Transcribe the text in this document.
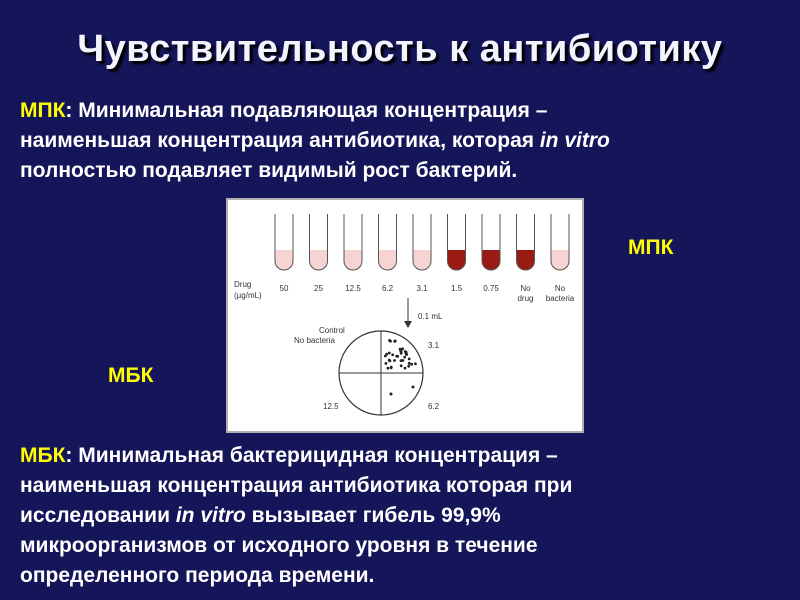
Чувствительность к антибиотику
МПК: Минимальная подавляющая концентрация –
наименьшая концентрация антибиотика, которая in vitro
полностью подавляет видимый рост бактерий.
МПК
МБК
50	25	12.5	6.2	3.1	1.5	0.75	No
drug
No
bacteria
Drug
(µg/mL)
0.1 mL
Control
No bacteria
3.1
12.5	6.2
МБК: Минимальная бактерицидная концентрация –
наименьшая концентрация антибиотика которая при
исследовании in vitro вызывает гибель 99,9%
микроорганизмов от исходного уровня в течение
определенного периода времени.
